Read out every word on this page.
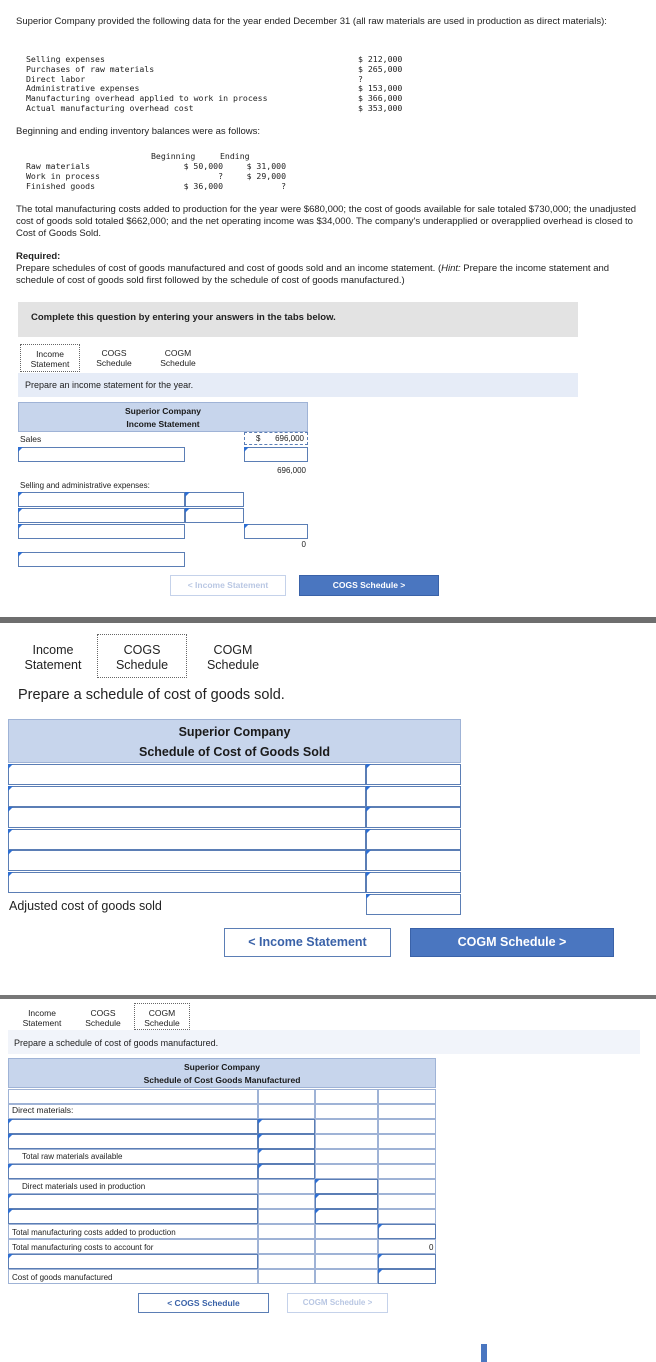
Superior Company provided the following data for the year ended December 31 (all raw materials are used in production as direct materials):
Selling expenses	$ 212,000
Purchases of raw materials	$ 265,000
Direct labor	?
Administrative expenses	$ 153,000
Manufacturing overhead applied to work in process	$ 366,000
Actual manufacturing overhead cost	$ 353,000
Beginning and ending inventory balances were as follows:
Beginning	Ending
Raw materials	$ 50,000	$ 31,000
Work in process	?	$ 29,000
Finished goods	$ 36,000	?
The total manufacturing costs added to production for the year were $680,000; the cost of goods available for sale totaled $730,000; the unadjusted cost of goods sold totaled $662,000; and the net operating income was $34,000. The company's underapplied or overapplied overhead is closed to Cost of Goods Sold.
Required:
Prepare schedules of cost of goods manufactured and cost of goods sold and an income statement. (Hint: Prepare the income statement and schedule of cost of goods sold first followed by the schedule of cost of goods manufactured.)
Complete this question by entering your answers in the tabs below.
Income
Statement
COGS
Schedule
COGM
Schedule
Prepare an income statement for the year.
Superior Company
Income Statement
Sales	$ 696,000
696,000
Selling and administrative expenses:
0
< Income Statement	COGS Schedule >
Income
Statement
COGS
Schedule
COGM
Schedule
Prepare a schedule of cost of goods sold.
Superior Company
Schedule of Cost of Goods Sold
Adjusted cost of goods sold
< Income Statement	COGM Schedule >
Income
Statement
COGS
Schedule
COGM
Schedule
Prepare a schedule of cost of goods manufactured.
Superior Company
Schedule of Cost Goods Manufactured
Direct materials:
Total raw materials available
Direct materials used in production
Total manufacturing costs added to production
Total manufacturing costs to account for	0
Cost of goods manufactured
< COGS Schedule	COGM Schedule >
